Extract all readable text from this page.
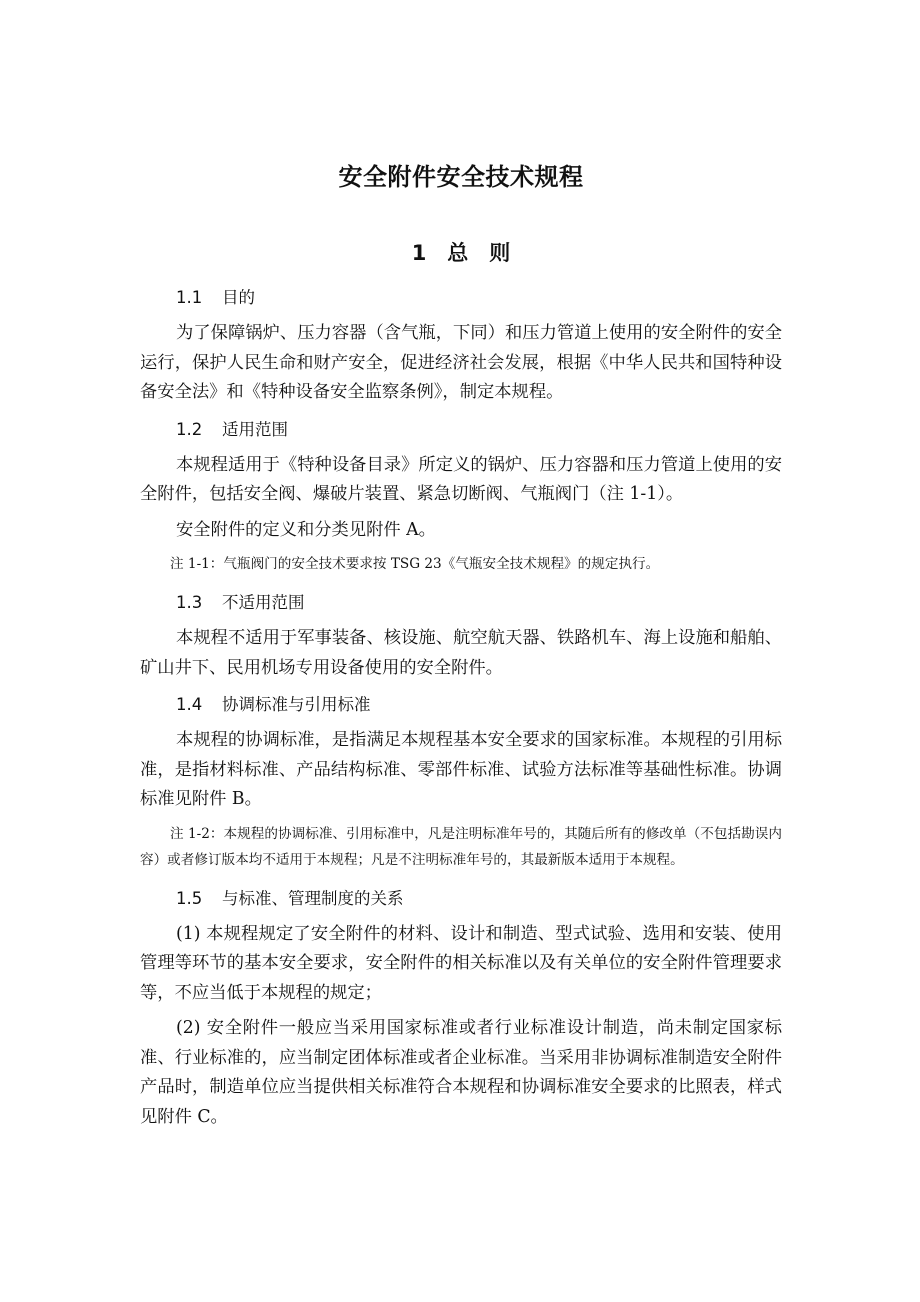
安全附件安全技术规程
1　总　则
1.1 目的

为了保障锅炉、压力容器（含气瓶，下同）和压力管道上使用的安全附件的安全运行，保护人民生命和财产安全，促进经济社会发展，根据《中华人民共和国特种设备安全法》和《特种设备安全监察条例》，制定本规程。

1.2 适用范围

本规程适用于《特种设备目录》所定义的锅炉、压力容器和压力管道上使用的安全附件，包括安全阀、爆破片装置、紧急切断阀、气瓶阀门（注 1-1）。

安全附件的定义和分类见附件 A。

注 1-1：气瓶阀门的安全技术要求按 TSG 23《气瓶安全技术规程》的规定执行。

1.3 不适用范围

本规程不适用于军事装备、核设施、航空航天器、铁路机车、海上设施和船舶、矿山井下、民用机场专用设备使用的安全附件。

1.4 协调标准与引用标准

本规程的协调标准，是指满足本规程基本安全要求的国家标准。本规程的引用标准，是指材料标准、产品结构标准、零部件标准、试验方法标准等基础性标准。协调标准见附件 B。

注 1-2：本规程的协调标准、引用标准中，凡是注明标准年号的，其随后所有的修改单（不包括勘误内容）或者修订版本均不适用于本规程；凡是不注明标准年号的，其最新版本适用于本规程。

1.5 与标准、管理制度的关系

(1) 本规程规定了安全附件的材料、设计和制造、型式试验、选用和安装、使用管理等环节的基本安全要求，安全附件的相关标准以及有关单位的安全附件管理要求等，不应当低于本规程的规定；

(2) 安全附件一般应当采用国家标准或者行业标准设计制造，尚未制定国家标准、行业标准的，应当制定团体标准或者企业标准。当采用非协调标准制造安全附件产品时，制造单位应当提供相关标准符合本规程和协调标准安全要求的比照表，样式见附件 C。
